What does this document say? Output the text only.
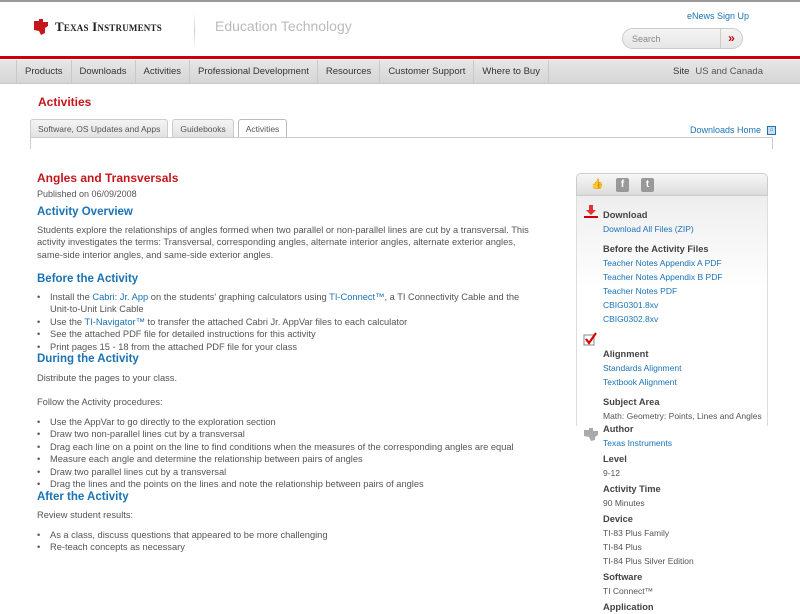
Texas Instruments	Education Technology
eNews Sign Up
Search	»
Products	Downloads	Activities	Professional Development	Resources	Customer Support	Where to Buy	Site US and Canada
Activities
Software, OS Updates and Apps	Guidebooks	Activities	Downloads Home	⌂
Angles and Transversals
Published on 06/09/2008
Activity Overview

Students explore the relationships of angles formed when two parallel or non-parallel lines are cut by a transversal. This activity investigates the terms: Transversal, corresponding angles, alternate interior angles, alternate exterior angles, same-side interior angles, and same-side exterior angles.

Before the Activity
• Install the Cabri: Jr. App on the students' graphing calculators using TI-Connect™, a TI Connectivity Cable and the Unit-to-Unit Link Cable
• Use the TI-Navigator™ to transfer the attached Cabri Jr. AppVar files to each calculator
• See the attached PDF file for detailed instructions for this activity
• Print pages 15 - 18 from the attached PDF file for your class
During the Activity

Distribute the pages to your class.

Follow the Activity procedures:

• Use the AppVar to go directly to the exploration section
• Draw two non-parallel lines cut by a transversal
• Drag each line on a point on the line to find conditions when the measures of the corresponding angles are equal
• Measure each angle and determine the relationship between pairs of angles
• Draw two parallel lines cut by a transversal
• Drag the lines and the points on the lines and note the relationship between pairs of angles
After the Activity

Review student results:

• As a class, discuss questions that appeared to be more challenging
• Re-teach concepts as necessary
👍	f	t
Download
Download All Files (ZIP)
Before the Activity Files
Teacher Notes Appendix A PDF
Teacher Notes Appendix B PDF
Teacher Notes PDF
CBIG0301.8xv
CBIG0302.8xv
Alignment
Standards Alignment
Textbook Alignment
Subject Area
Math: Geometry: Points, Lines and Angles
Author
Texas Instruments
Level
9-12
Activity Time
90 Minutes
Device
TI-83 Plus Family
TI-84 Plus
TI-84 Plus Silver Edition
Software
TI Connect™
Application
